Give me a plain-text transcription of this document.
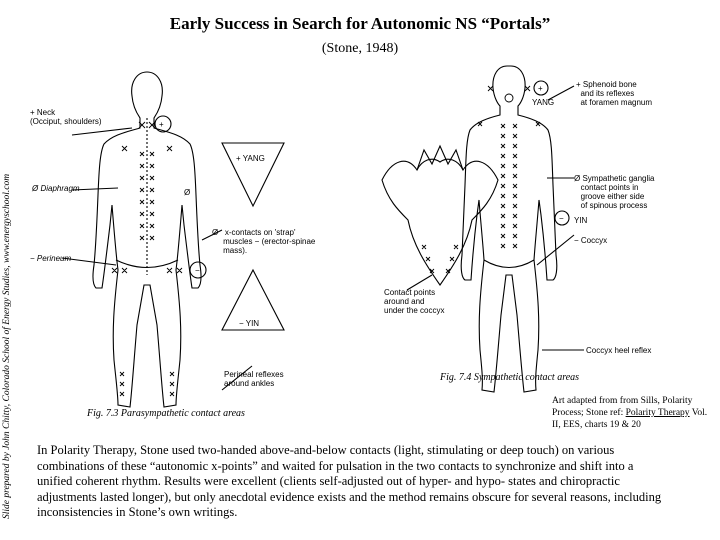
Early Success in Search for Autonomic NS “Portals”
(Stone, 1948)
Slide prepared by John Chitty, Colorado School of Energy Studies, www.energyschool.com
+ Neck
(Occiput, shoulders)
Ø Diaphragm
− Perineum
+ YANG
− YIN
Ø   x-contacts on 'strap'
muscles − (erector-spinae
mass).
Perineal reflexes
around ankles
Contact points
around and
under the coccyx
+ Sphenoid bone
and its reflexes
at foramen magnum
YANG
Ø Sympathetic ganglia
contact points in
groove either side
of spinous process
YIN
− Coccyx
Coccyx heel reflex
+
−
Ø
+
−
Fig. 7.3 Parasympathetic contact areas
Fig. 7.4 Sympathetic contact areas
Art adapted from from Sills, Polarity Process; Stone ref: Polarity Therapy Vol. II, EES, charts 19 & 20
In Polarity Therapy, Stone used two-handed above-and-below contacts (light, stimulating or deep touch) on various combinations of these “autonomic x-points” and waited for pulsation in the two contacts to synchronize and shift into a unified coherent rhythm. Results were excellent (clients self-adjusted out of hyper- and hypo- states and chiropractic adjustments lasted longer), but only anecdotal evidence exists and the method remains obscure for several reasons, including inconsistencies in Stone’s own writings.
